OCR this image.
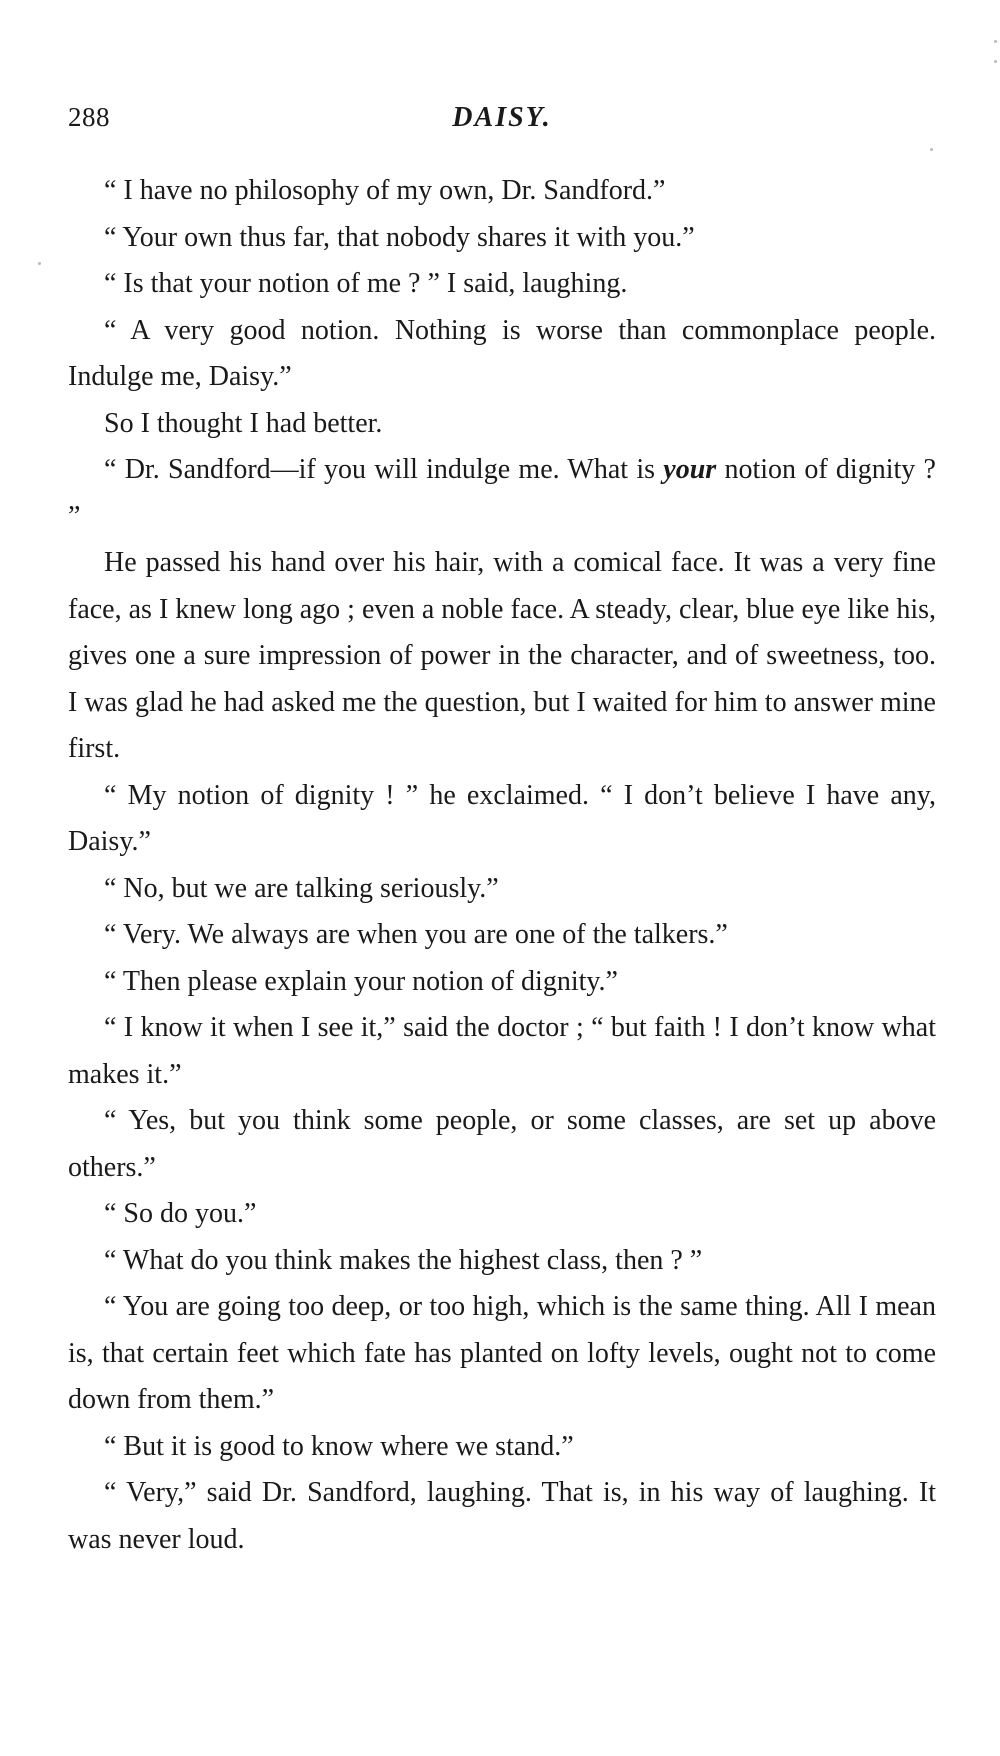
288	DAISY.

“ I have no philosophy of my own, Dr. Sandford.”

“ Your own thus far, that nobody shares it with you.”

“ Is that your notion of me ? ” I said, laughing.

“ A very good notion. Nothing is worse than commonplace people. Indulge me, Daisy.”

So I thought I had better.

“ Dr. Sandford—if you will indulge me. What is your notion of dignity ? ”

He passed his hand over his hair, with a comical face. It was a very fine face, as I knew long ago ; even a noble face. A steady, clear, blue eye like his, gives one a sure impression of power in the character, and of sweetness, too. I was glad he had asked me the question, but I waited for him to answer mine first.

“ My notion of dignity ! ” he exclaimed. “ I don’t believe I have any, Daisy.”

“ No, but we are talking seriously.”

“ Very. We always are when you are one of the talkers.”

“ Then please explain your notion of dignity.”

“ I know it when I see it,” said the doctor ; “ but faith ! I don’t know what makes it.”

“ Yes, but you think some people, or some classes, are set up above others.”

“ So do you.”

“ What do you think makes the highest class, then ? ”

“ You are going too deep, or too high, which is the same thing. All I mean is, that certain feet which fate has planted on lofty levels, ought not to come down from them.”

“ But it is good to know where we stand.”

“ Very,” said Dr. Sandford, laughing. That is, in his way of laughing. It was never loud.
